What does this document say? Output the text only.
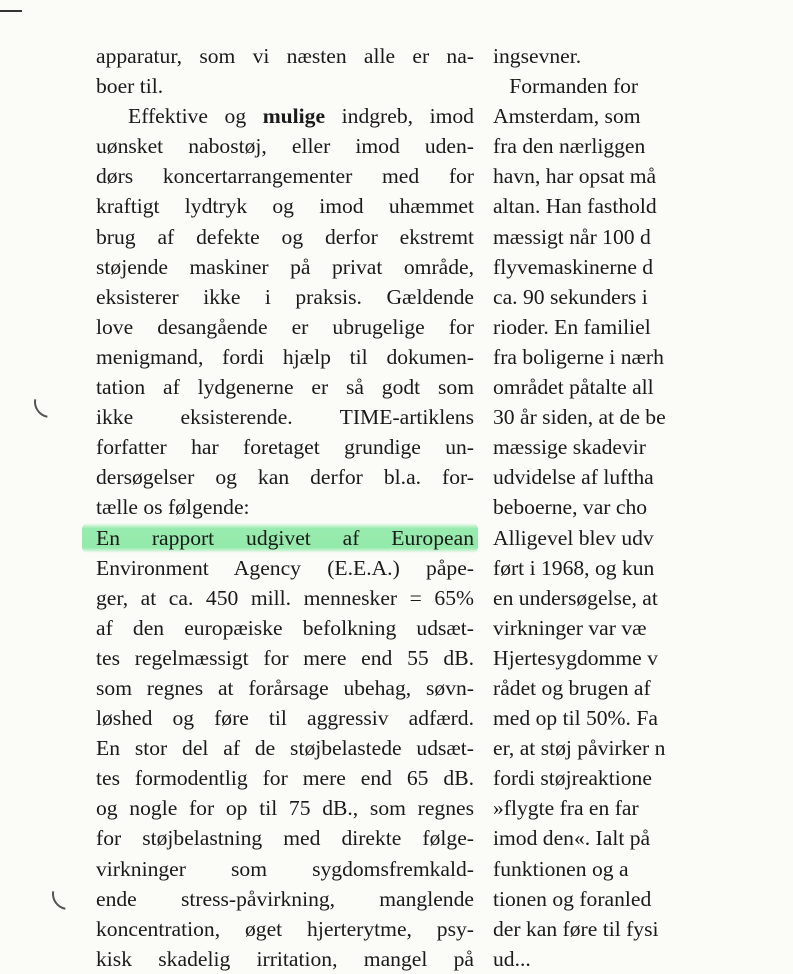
apparatur, som vi næsten alle er na-
boer til.
Effektive og mulige indgreb, imod
uønsket nabostøj, eller imod uden-
dørs koncertarrangementer med for
kraftigt lydtryk og imod uhæmmet
brug af defekte og derfor ekstremt
støjende maskiner på privat område,
eksisterer ikke i praksis. Gældende
love desangående er ubrugelige for
menigmand, fordi hjælp til dokumen-
tation af lydgenerne er så godt som
ikke eksisterende. TIME-artiklens
forfatter har foretaget grundige un-
dersøgelser og kan derfor bl.a. for-
tælle os følgende:
En rapport udgivet af European
Environment Agency (E.E.A.) påpe-
ger, at ca. 450 mill. mennesker = 65%
af den europæiske befolkning udsæt-
tes regelmæssigt for mere end 55 dB.
som regnes at forårsage ubehag, søvn-
løshed og føre til aggressiv adfærd.
En stor del af de støjbelastede udsæt-
tes formodentlig for mere end 65 dB.
og nogle for op til 75 dB., som regnes
for støjbelastning med direkte følge-
virkninger som sygdomsfremkald-
ende stress-påvirkning, manglende
koncentration, øget hjerterytme, psy-
kisk skadelig irritation, mangel på
ingsevner.
Formanden for
Amsterdam, som
fra den nærliggen
havn, har opsat må
altan. Han fasthold
mæssigt når 100 d
flyvemaskinerne d
ca. 90 sekunders i
rioder. En familiel
fra boligerne i nærh
området påtalte all
30 år siden, at de be
mæssige skadevir
udvidelse af luftha
beboerne, var cho
Alligevel blev udv
ført i 1968, og kun
en undersøgelse, at
virkninger var væ
Hjertesygdomme v
rådet og brugen af
med op til 50%. Fa
er, at støj påvirker n
fordi støjreaktione
»flygte fra en far
imod den«. Ialt på
funktionen og a
tionen og foranled
der kan føre til fysi
ud...
